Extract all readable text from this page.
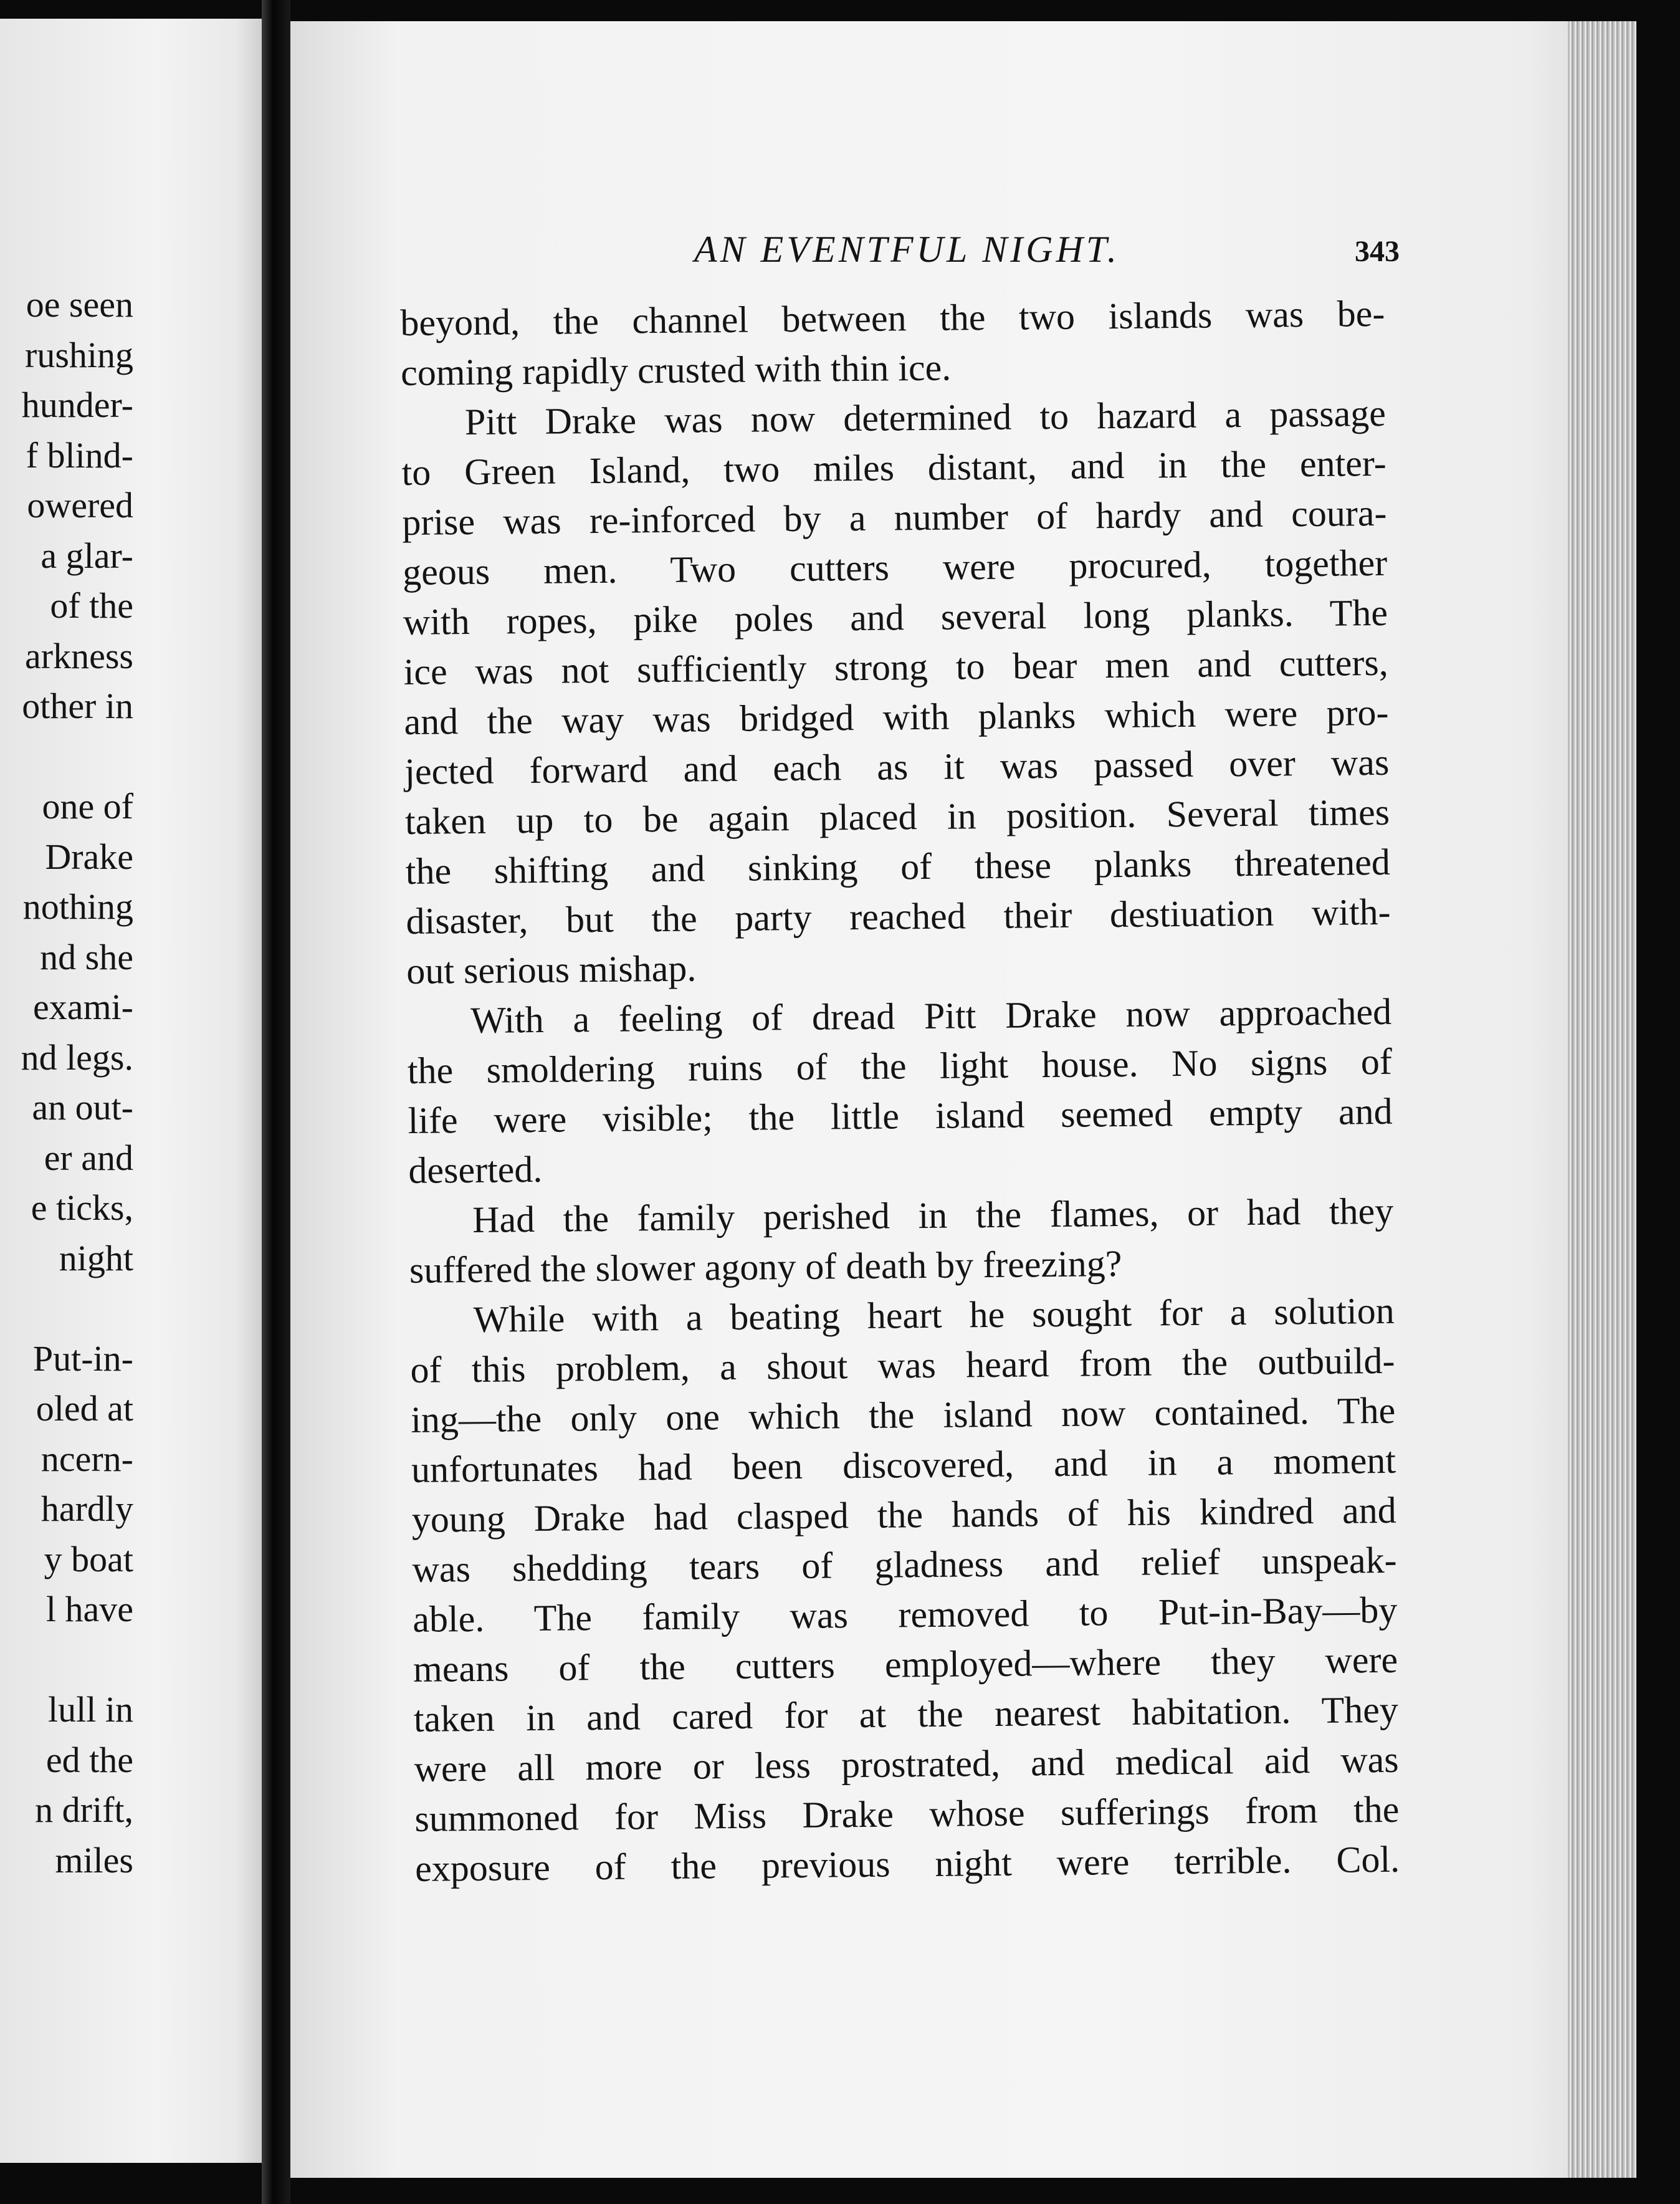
oe seen
rushing
hunder-
f blind-
owered
a glar-
of the
arkness
other in
one of
Drake
nothing
nd she
exami-
nd legs.
an out-
er and
e ticks,
night
Put-in-
oled at
ncern-
hardly
y boat
l have
lull in
ed the
n drift,
miles
AN EVENTFUL NIGHT.	343
beyond, the channel between the two islands was be-
coming rapidly crusted with thin ice.
Pitt Drake was now determined to hazard a passage
to Green Island, two miles distant, and in the enter-
prise was re-inforced by a number of hardy and coura-
geous men. Two cutters were procured, together
with ropes, pike poles and several long planks. The
ice was not sufficiently strong to bear men and cutters,
and the way was bridged with planks which were pro-
jected forward and each as it was passed over was
taken up to be again placed in position. Several times
the shifting and sinking of these planks threatened
disaster, but the party reached their destiuation with-
out serious mishap.
With a feeling of dread Pitt Drake now approached
the smoldering ruins of the light house. No signs of
life were visible; the little island seemed empty and
deserted.
Had the family perished in the flames, or had they
suffered the slower agony of death by freezing?
While with a beating heart he sought for a solution
of this problem, a shout was heard from the outbuild-
ing—the only one which the island now contained. The
unfortunates had been discovered, and in a moment
young Drake had clasped the hands of his kindred and
was shedding tears of gladness and relief unspeak-
able. The family was removed to Put-in-Bay—by
means of the cutters employed—where they were
taken in and cared for at the nearest habitation. They
were all more or less prostrated, and medical aid was
summoned for Miss Drake whose sufferings from the
exposure of the previous night were terrible. Col.
